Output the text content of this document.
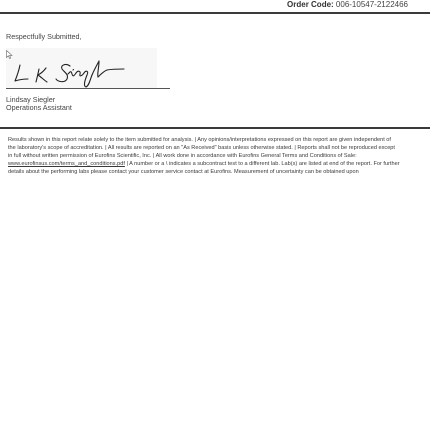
Order Code: 006-10547-2122466
Respectfully Submitted,
Lindsay Siegler
Operations Assistant
Results shown in this report relate solely to the item submitted for analysis. | Any opinions/interpretations expressed on this report are given independent of the laboratory's scope of accreditation. | All results are reported on an "As Received" basis unless otherwise stated. | Reports shall not be reproduced except in full without written permission of Eurofins Scientific, Inc. | All work done in accordance with Eurofins General Terms and Conditions of Sale: www.eurofinsus.com/terms_and_conditions.pdf | A number or a \ indicates a subcontract test to a different lab. Lab(s) are listed at end of the report. For further details about the performing labs please contact your customer service contact at Eurofins. Measurement of uncertainty can be obtained upon
